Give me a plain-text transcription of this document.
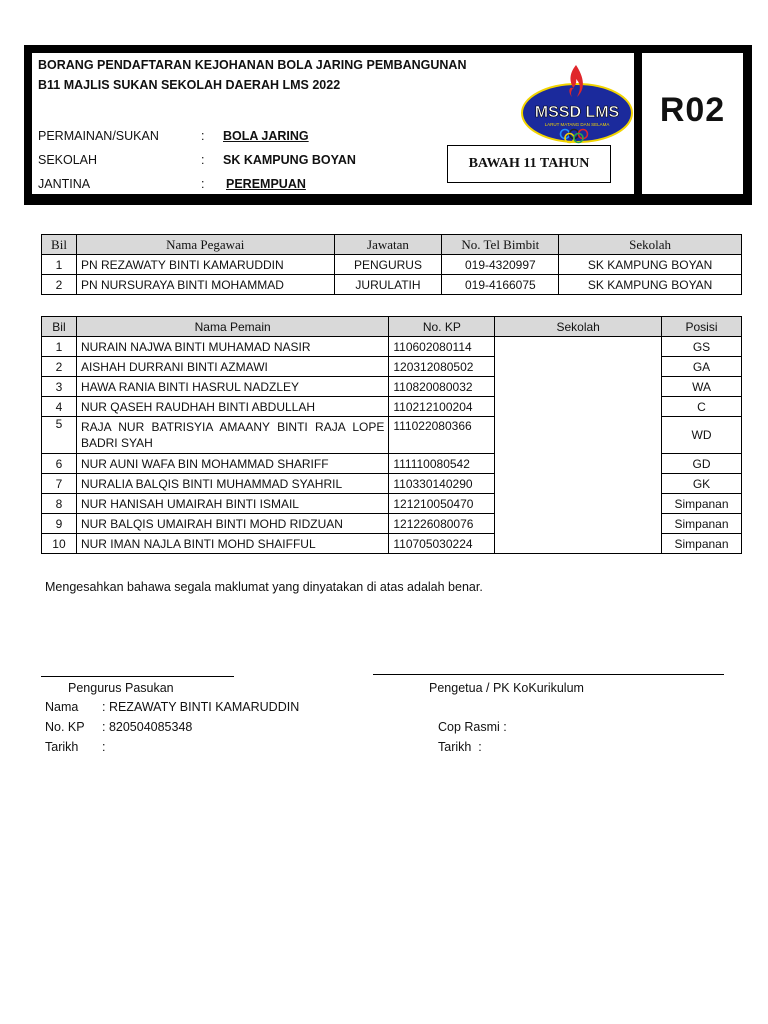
BORANG PENDAFTARAN KEJOHANAN BOLA JARING PEMBANGUNAN
B11 MAJLIS SUKAN SEKOLAH DAERAH LMS 2022
PERMAINAN/SUKAN	: BOLA JARING
SEKOLAH	: SK KAMPUNG BOYAN
JANTINA	: PEREMPUAN
BAWAH 11 TAHUN
MSSD LMS
LARUT MATANG DAN SELAMA R02
Bil	Nama Pegawai	Jawatan	No. Tel Bimbit	Sekolah
1	PN REZAWATY BINTI KAMARUDDIN	PENGURUS	019-4320997	SK KAMPUNG BOYAN
2	PN NURSURAYA BINTI MOHAMMAD	JURULATIH	019-4166075	SK KAMPUNG BOYAN
Bil	Nama Pemain	No. KP	Sekolah	Posisi
1	NURAIN NAJWA BINTI MUHAMAD NASIR	110602080114		GS
2	AISHAH DURRANI BINTI AZMAWI	120312080502		GA
3	HAWA RANIA BINTI HASRUL NADZLEY	110820080032		WA
4	NUR QASEH RAUDHAH BINTI ABDULLAH	110212100204		C
5	RAJA NUR BATRISYIA AMAANY BINTI RAJA LOPE BADRI SYAH	111022080366		WD
6	NUR AUNI WAFA BIN MOHAMMAD SHARIFF	111110080542		GD
7	NURALIA BALQIS BINTI MUHAMMAD SYAHRIL	110330140290		GK
8	NUR HANISAH UMAIRAH BINTI ISMAIL	121210050470		Simpanan
9	NUR BALQIS UMAIRAH BINTI MOHD RIDZUAN	121226080076		Simpanan
10	NUR IMAN NAJLA BINTI MOHD SHAIFFUL	110705030224		Simpanan
Mengesahkan bahawa segala maklumat yang dinyatakan di atas adalah benar.
Pengurus Pasukan
Nama : REZAWATY BINTI KAMARUDDIN
No. KP : 820504085348
Tarikh :
Pengetua / PK KoKurikulum
Cop Rasmi :
Tarikh  :
